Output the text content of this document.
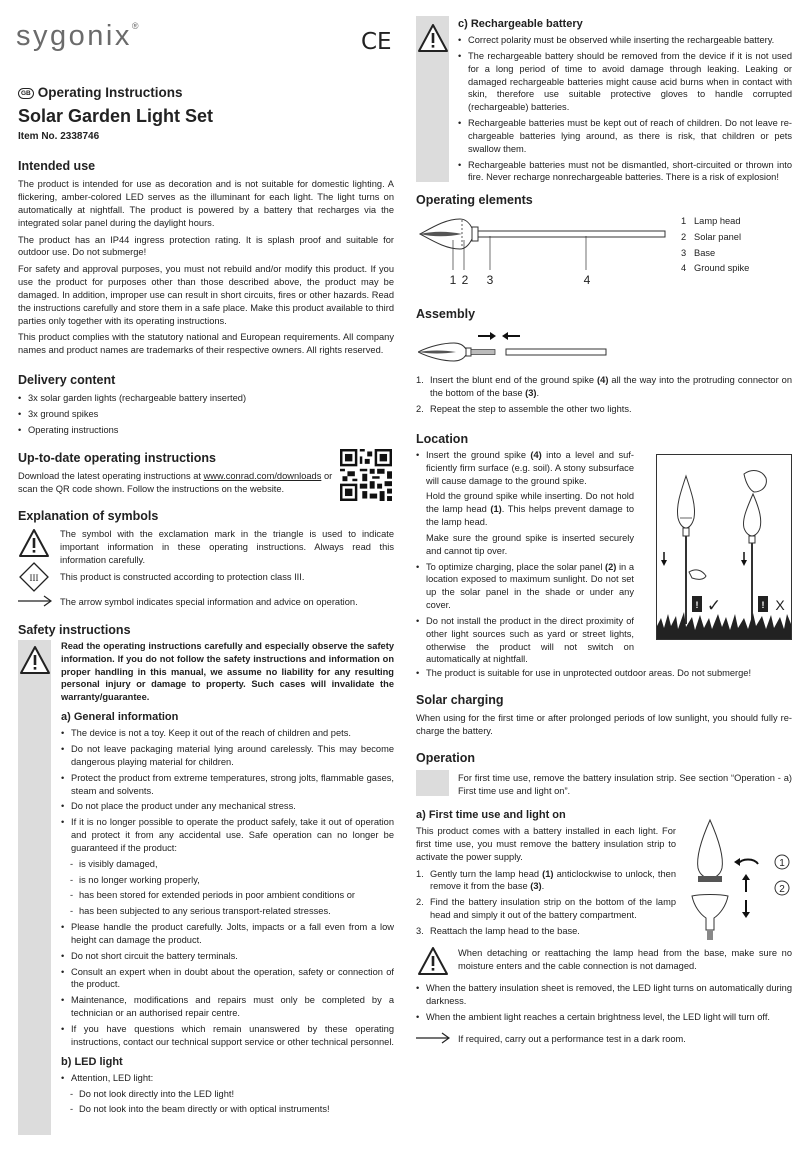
sygonix®
CE
GB Operating Instructions
Solar Garden Light Set
Item No. 2338746
Intended use

The product is intended for use as decoration and is not suitable for domestic lighting. A flickering, amber-colored LED serves as the illuminant for each light. The light turns on automatically at nightfall. The product is powered by a battery that recharges via the integrated solar panel during the daylight hours.

The product has an IP44 ingress protection rating. It is splash proof and suitable for outdoor use. Do not submerge!

For safety and approval purposes, you must not rebuild and/or modify this product. If you use the product for purposes other than those described above, the product may be damaged. In addition, improper use can result in short circuits, fires or other hazards. Read the instructions carefully and store them in a safe place. Make this product available to third parties only together with its operating instructions.

This product complies with the statutory national and European requirements. All company names and product names are trademarks of their respective owners. All rights reserved.

Delivery content
• 3x solar garden lights (rechargeable battery inserted)
• 3x ground spikes
• Operating instructions
Up-to-date operating instructions

Download the latest operating instructions at www.conrad.com/downloads or scan the QR code shown. Follow the instructions on the website.

Explanation of symbols

The symbol with the exclamation mark in the triangle is used to indicate important information in these operating instructions. Always read this information carefully.

III This product is constructed according to protection class III.

The arrow symbol indicates special information and advice on operation.

Safety instructions

Read the operating instructions carefully and especially observe the safety information. If you do not follow the safety instructions and information on proper handling in this manual, we assume no liability for any resulting personal injury or damage to property. Such cases will invalidate the warranty/guarantee.

a) General information
• The device is not a toy. Keep it out of the reach of children and pets.
• Do not leave packaging material lying around carelessly. This may become dangerous playing material for children.
• Protect the product from extreme temperatures, strong jolts, flammable gases, steam and solvents.
• Do not place the product under any mechanical stress.
• If it is no longer possible to operate the product safely, take it out of operation and protect it from any accidental use. Safe operation can no longer be guaranteed if the product:
- is visibly damaged,
- is no longer working properly,
- has been stored for extended periods in poor ambient conditions or
- has been subjected to any serious transport-related stresses.
• Please handle the product carefully. Jolts, impacts or a fall even from a low height can damage the product.
• Do not short circuit the battery terminals.
• Consult an expert when in doubt about the operation, safety or connection of the product.
• Maintenance, modifications and repairs must only be completed by a technician or an authorised repair centre.
• If you have questions which remain unanswered by these operating instructions, contact our technical support service or other technical personnel.
b) LED light
• Attention, LED light:
- Do not look directly into the LED light!
- Do not look into the beam directly or with optical instruments!
c) Rechargeable battery
• Correct polarity must be observed while inserting the rechargeable battery.
• The rechargeable battery should be removed from the device if it is not used for a long period of time to avoid damage through leaking. Leaking or damaged rechargeable batteries might cause acid burns when in contact with skin, therefore use suitable protective gloves to handle corrupted (rechargeable) batteries.
• Rechargeable batteries must be kept out of reach of children. Do not leave rechargeable batteries lying around, as there is risk, that children or pets swallow them.
• Rechargeable batteries must not be dismantled, short-circuited or thrown into fire. Never recharge nonrechargeable batteries. There is a risk of explosion!
Operating elements
1 2 3	4
1 Lamp head
2 Solar panel
3 Base
4 Ground spike
Assembly
1. Insert the blunt end of the ground spike (4) all the way into the protruding connector on the bottom of the base (3).
2. Repeat the step to assemble the other two lights.
Location
• Insert the ground spike (4) into a level and sufficiently firm surface (e.g. soil). A stony subsurface will cause damage to the ground spike.
Hold the ground spike while inserting. Do not hold the lamp head (1). This helps prevent damage to the lamp head.
Make sure the ground spike is inserted securely and cannot tip over.
• To optimize charging, place the solar panel (2) in a location exposed to maximum sunlight. Do not set up the solar panel in the shade or under any cover.
• Do not install the product in the direct proximity of other light sources such as yard or street lights, otherwise the product will not switch on automatically at nightfall.
• The product is suitable for use in unprotected outdoor areas. Do not submerge!
! ✓	! X
Solar charging

When using for the first time or after prolonged periods of low sunlight, you should fully recharge the battery.

Operation

For first time use, remove the battery insulation strip. See section “Operation - a) First time use and light on”.

a) First time use and light on

This product comes with a battery installed in each light. For first time use, you must remove the battery insulation strip to activate the power supply.

1. Gently turn the lamp head (1) anticlockwise to unlock, then remove it from the base (3).
2. Find the battery insulation strip on the bottom of the lamp head and simply it out of the battery compartment.
3. Reattach the lamp head to the base.
1
2

When detaching or reattaching the lamp head from the base, make sure no moisture enters and the cable connection is not damaged.

• When the battery insulation sheet is removed, the LED light turns on automatically during darkness.
• When the ambient light reaches a certain brightness level, the LED light will turn off.

If required, carry out a performance test in a dark room.
